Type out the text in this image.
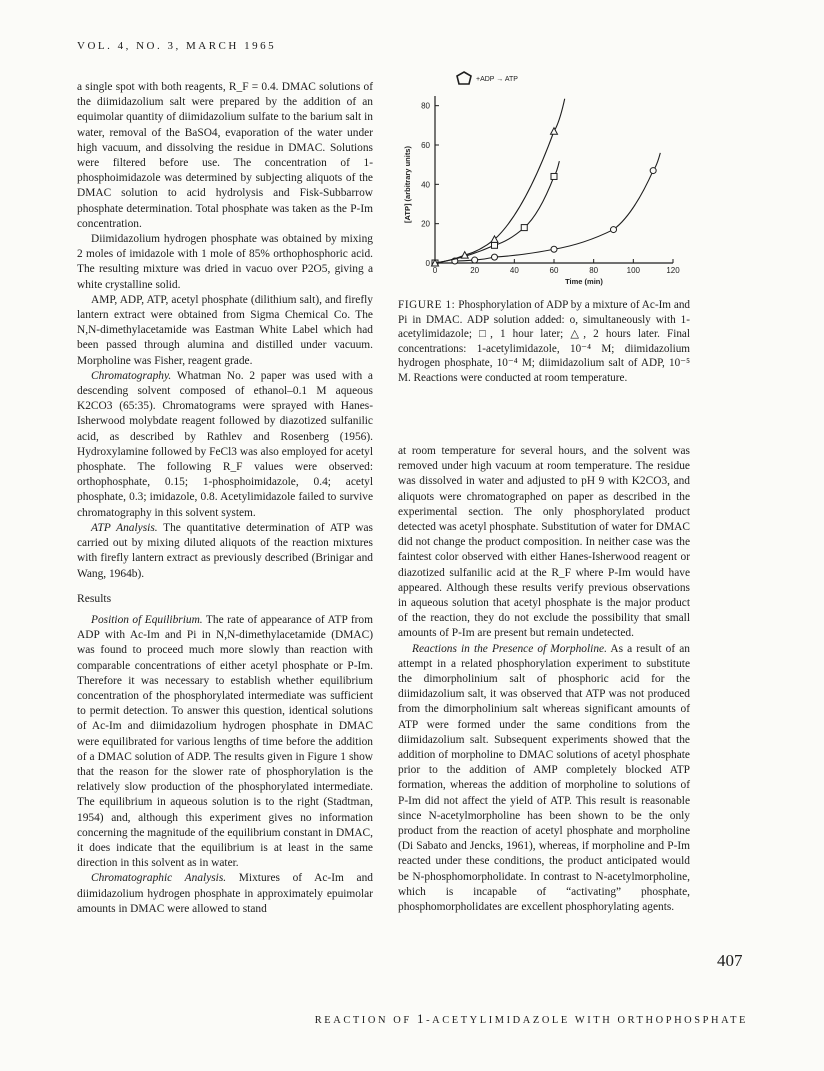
VOL. 4, NO. 3, MARCH 1965

a single spot with both reagents, R_F = 0.4. DMAC solutions of the diimidazolium salt were prepared by the addition of an equimolar quantity of diimidazolium sulfate to the barium salt in water, removal of the BaSO4, evaporation of the water under high vacuum, and dissolving the residue in DMAC. Solutions were filtered before use. The concentration of 1-phosphoimidazole was determined by subjecting aliquots of the DMAC solution to acid hydrolysis and Fisk-Subbarrow phosphate determination. Total phosphate was taken as the P-Im concentration.

Diimidazolium hydrogen phosphate was obtained by mixing 2 moles of imidazole with 1 mole of 85% orthophosphoric acid. The resulting mixture was dried in vacuo over P2O5, giving a white crystalline solid.

AMP, ADP, ATP, acetyl phosphate (dilithium salt), and firefly lantern extract were obtained from Sigma Chemical Co. The N,N-dimethylacetamide was Eastman White Label which had been passed through alumina and distilled under vacuum. Morpholine was Fisher, reagent grade.

Chromatography. Whatman No. 2 paper was used with a descending solvent composed of ethanol–0.1 M aqueous K2CO3 (65:35). Chromatograms were sprayed with Hanes-Isherwood molybdate reagent followed by diazotized sulfanilic acid, as described by Rathlev and Rosenberg (1956). Hydroxylamine followed by FeCl3 was also employed for acetyl phosphate. The following R_F values were observed: orthophosphate, 0.15; 1-phosphoimidazole, 0.4; acetyl phosphate, 0.3; imidazole, 0.8. Acetylimidazole failed to survive chromatography in this solvent system.

ATP Analysis. The quantitative determination of ATP was carried out by mixing diluted aliquots of the reaction mixtures with firefly lantern extract as previously described (Brinigar and Wang, 1964b).

Results

Position of Equilibrium. The rate of appearance of ATP from ADP with Ac-Im and Pi in N,N-dimethylacetamide (DMAC) was found to proceed much more slowly than reaction with comparable concentrations of either acetyl phosphate or P-Im. Therefore it was necessary to establish whether equilibrium concentration of the phosphorylated intermediate was sufficient to permit detection. To answer this question, identical solutions of Ac-Im and diimidazolium hydrogen phosphate in DMAC were equilibrated for various lengths of time before the addition of a DMAC solution of ADP. The results given in Figure 1 show that the reason for the slower rate of phosphorylation is the relatively slow production of the phosphorylated intermediate. The equilibrium in aqueous solution is to the right (Stadtman, 1954) and, although this experiment gives no information concerning the magnitude of the equilibrium constant in DMAC, it does indicate that the equilibrium is at least in the same direction in this solvent as in water.

Chromatographic Analysis. Mixtures of Ac-Im and diimidazolium hydrogen phosphate in approximately epuimolar amounts in DMAC were allowed to stand

0	20	40	60	80	100	120
0
20
40
60
80
Time (min)
[ATP] (arbitrary units)
+ADP → ATP
FIGURE 1: Phosphorylation of ADP by a mixture of Ac-Im and Pi in DMAC. ADP solution added: o, simultaneously with 1-acetylimidazole; □, 1 hour later; △, 2 hours later. Final concentrations: 1-acetylimidazole, 10⁻⁴ M; diimidazolium hydrogen phosphate, 10⁻⁴ M; diimidazolium salt of ADP, 10⁻⁵ M. Reactions were conducted at room temperature.

at room temperature for several hours, and the solvent was removed under high vacuum at room temperature. The residue was dissolved in water and adjusted to pH 9 with K2CO3, and aliquots were chromatographed on paper as described in the experimental section. The only phosphorylated product detected was acetyl phosphate. Substitution of water for DMAC did not change the product composition. In neither case was the faintest color observed with either Hanes-Isherwood reagent or diazotized sulfanilic acid at the R_F where P-Im would have appeared. Although these results verify previous observations in aqueous solution that acetyl phosphate is the major product of the reaction, they do not exclude the possibility that small amounts of P-Im are present but remain undetected.

Reactions in the Presence of Morpholine. As a result of an attempt in a related phosphorylation experiment to substitute the dimorpholinium salt of phosphoric acid for the diimidazolium salt, it was observed that ATP was not produced from the dimorpholinium salt whereas significant amounts of ATP were formed under the same conditions from the diimidazolium salt. Subsequent experiments showed that the addition of morpholine to DMAC solutions of acetyl phosphate prior to the addition of AMP completely blocked ATP formation, whereas the addition of morpholine to solutions of P-Im did not affect the yield of ATP. This result is reasonable since N-acetylmorpholine has been shown to be the only product from the reaction of acetyl phosphate and morpholine (Di Sabato and Jencks, 1961), whereas, if morpholine and P-Im reacted under these conditions, the product anticipated would be N-phosphomorpholidate. In contrast to N-acetylmorpholine, which is incapable of “activating” phosphate, phosphomorpholidates are excellent phosphorylating agents.

407
REACTION OF 1-ACETYLIMIDAZOLE WITH ORTHOPHOSPHATE
